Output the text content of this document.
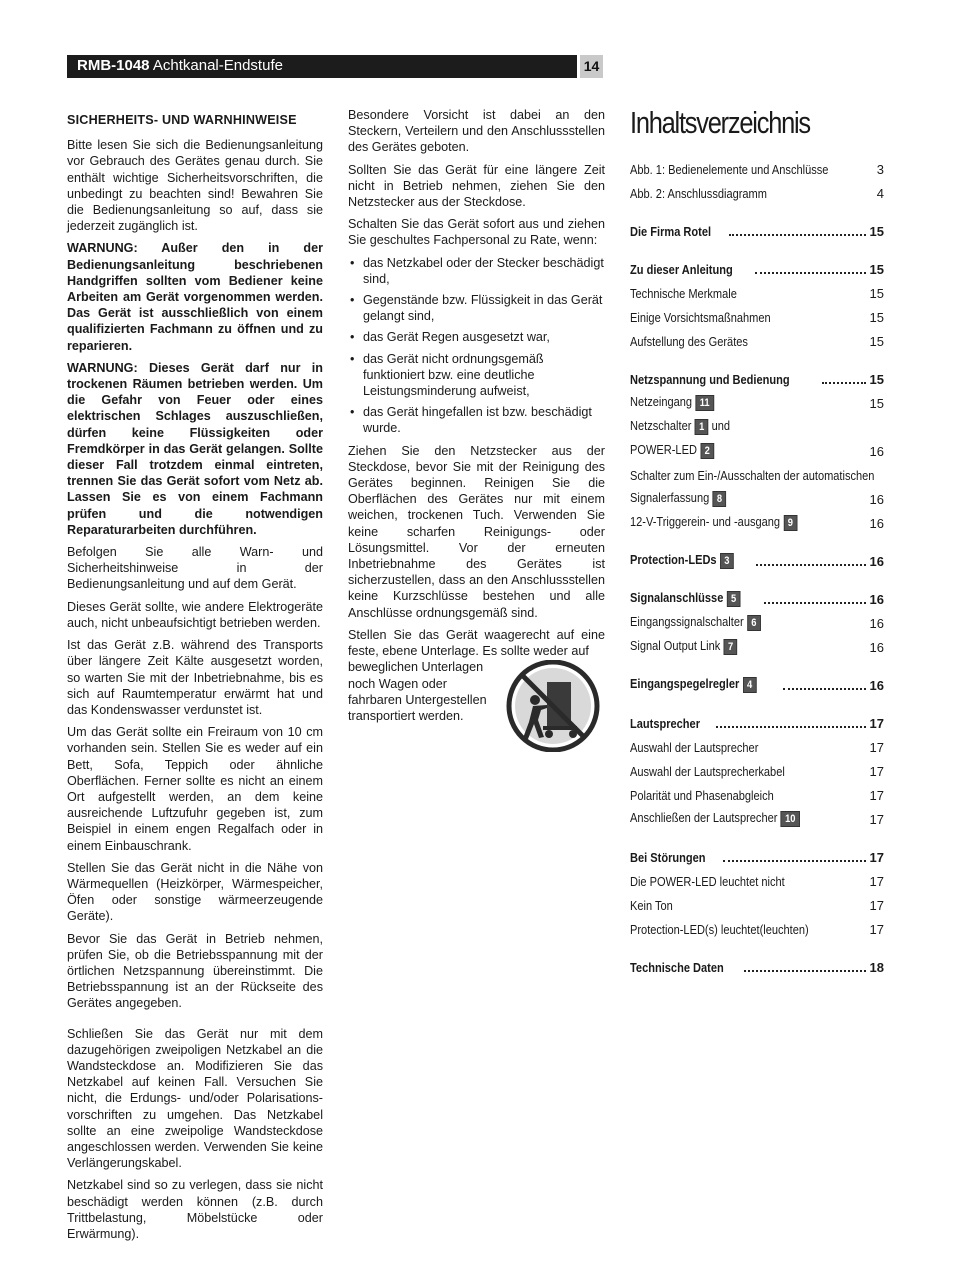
RMB-1048 Achtkanal-Endstufe	14
SICHERHEITS- UND WARNHINWEISE

Bitte lesen Sie sich die Bedienungsanleitung vor Gebrauch des Gerätes genau durch. Sie enthält wichtige Sicherheitsvorschriften, die unbedingt zu beachten sind! Bewahren Sie die Bedienungsanleitung so auf, dass sie jederzeit zugänglich ist.

WARNUNG: Außer den in der Bedienungsanleitung beschriebenen Handgriffen sollten vom Bediener keine Arbeiten am Gerät vorgenommen werden. Das Gerät ist ausschließlich von einem qualifizierten Fachmann zu öffnen und zu reparieren.

WARNUNG: Dieses Gerät darf nur in trockenen Räumen betrieben werden. Um die Gefahr von Feuer oder eines elektrischen Schlages auszuschließen, dürfen keine Flüssigkeiten oder Fremdkörper in das Gerät gelangen. Sollte dieser Fall trotzdem einmal eintreten, trennen Sie das Gerät sofort vom Netz ab. Lassen Sie es von einem Fachmann prüfen und die notwendigen Reparaturarbeiten durchführen.

Befolgen Sie alle Warn- und Sicherheitshinweise in der Bedienungsanleitung und auf dem Gerät.

Dieses Gerät sollte, wie andere Elektrogeräte auch, nicht unbeaufsichtigt betrieben werden.

Ist das Gerät z.B. während des Transports über längere Zeit Kälte ausgesetzt worden, so warten Sie mit der Inbetriebnahme, bis es sich auf Raumtemperatur erwärmt hat und das Kondenswasser verdunstet ist.

Um das Gerät sollte ein Freiraum von 10 cm vorhanden sein. Stellen Sie es weder auf ein Bett, Sofa, Teppich oder ähnliche Oberflächen. Ferner sollte es nicht an einem Ort aufgestellt werden, an dem keine ausreichende Luftzufuhr gegeben ist, zum Beispiel in einem engen Regalfach oder in einem Einbauschrank.

Stellen Sie das Gerät nicht in die Nähe von Wärmequellen (Heizkörper, Wärmespeicher, Öfen oder sonstige wärmeerzeugende Geräte).

Bevor Sie das Gerät in Betrieb nehmen, prüfen Sie, ob die Betriebsspannung mit der örtlichen Netzspannung übereinstimmt. Die Betriebsspannung ist an der Rückseite des Gerätes angegeben.

Schließen Sie das Gerät nur mit dem dazugehörigen zweipoligen Netzkabel an die Wandsteckdose an. Modifizieren Sie das Netzkabel auf keinen Fall. Versuchen Sie nicht, die Erdungs- und/oder Polarisations-vorschriften zu umgehen. Das Netzkabel sollte an eine zweipolige Wandsteckdose angeschlossen werden. Verwenden Sie keine Verlängerungskabel.

Netzkabel sind so zu verlegen, dass sie nicht beschädigt werden können (z.B. durch Trittbelastung, Möbelstücke oder Erwärmung).

Besondere Vorsicht ist dabei an den Steckern, Verteilern und den Anschlussstellen des Gerätes geboten.

Sollten Sie das Gerät für eine längere Zeit nicht in Betrieb nehmen, ziehen Sie den Netzstecker aus der Steckdose.

Schalten Sie das Gerät sofort aus und ziehen Sie geschultes Fachpersonal zu Rate, wenn:

• das Netzkabel oder der Stecker beschädigt sind,
• Gegenstände bzw. Flüssigkeit in das Gerät gelangt sind,
• das Gerät Regen ausgesetzt war,
• das Gerät nicht ordnungsgemäß funktioniert bzw. eine deutliche Leistungsminderung aufweist,
• das Gerät hingefallen ist bzw. beschädigt wurde.

Ziehen Sie den Netzstecker aus der Steckdose, bevor Sie mit der Reinigung des Gerätes beginnen. Reinigen Sie die Oberflächen des Gerätes nur mit einem weichen, trockenen Tuch. Verwenden Sie keine scharfen Reinigungs- oder Lösungsmittel. Vor der erneuten Inbetriebnahme des Gerätes ist sicherzustellen, dass an den Anschlussstellen keine Kurzschlüsse bestehen und alle Anschlüsse ordnungsgemäß sind.

Stellen Sie das Gerät waagerecht auf eine feste, ebene Unterlage. Es sollte weder auf

beweglichen Unterlagen noch Wagen oder fahrbaren Untergestellen transportiert werden.

Inhaltsverzeichnis
Abb. 1: Bedienelemente und Anschlüsse	3
Abb. 2: Anschlussdiagramm	4
Die Firma Rotel	15
Zu dieser Anleitung	15
Technische Merkmale	15
Einige Vorsichtsmaßnahmen	15
Aufstellung des Gerätes	15
Netzspannung und Bedienung	15
Netzeingang 11	15
Netzschalter 1 und
POWER-LED 2	16
Schalter zum Ein-/Ausschalten der automatischen
Signalerfassung 8	16
12-V-Triggerein- und -ausgang 9	16
Protection-LEDs 3	16
Signalanschlüsse 5	16
Eingangssignalschalter 6	16
Signal Output Link 7	16
Eingangspegelregler 4	16
Lautsprecher	17
Auswahl der Lautsprecher	17
Auswahl der Lautsprecherkabel	17
Polarität und Phasenabgleich	17
Anschließen der Lautsprecher 10	17
Bei Störungen	17
Die POWER-LED leuchtet nicht	17
Kein Ton	17
Protection-LED(s) leuchtet(leuchten)	17
Technische Daten	18
